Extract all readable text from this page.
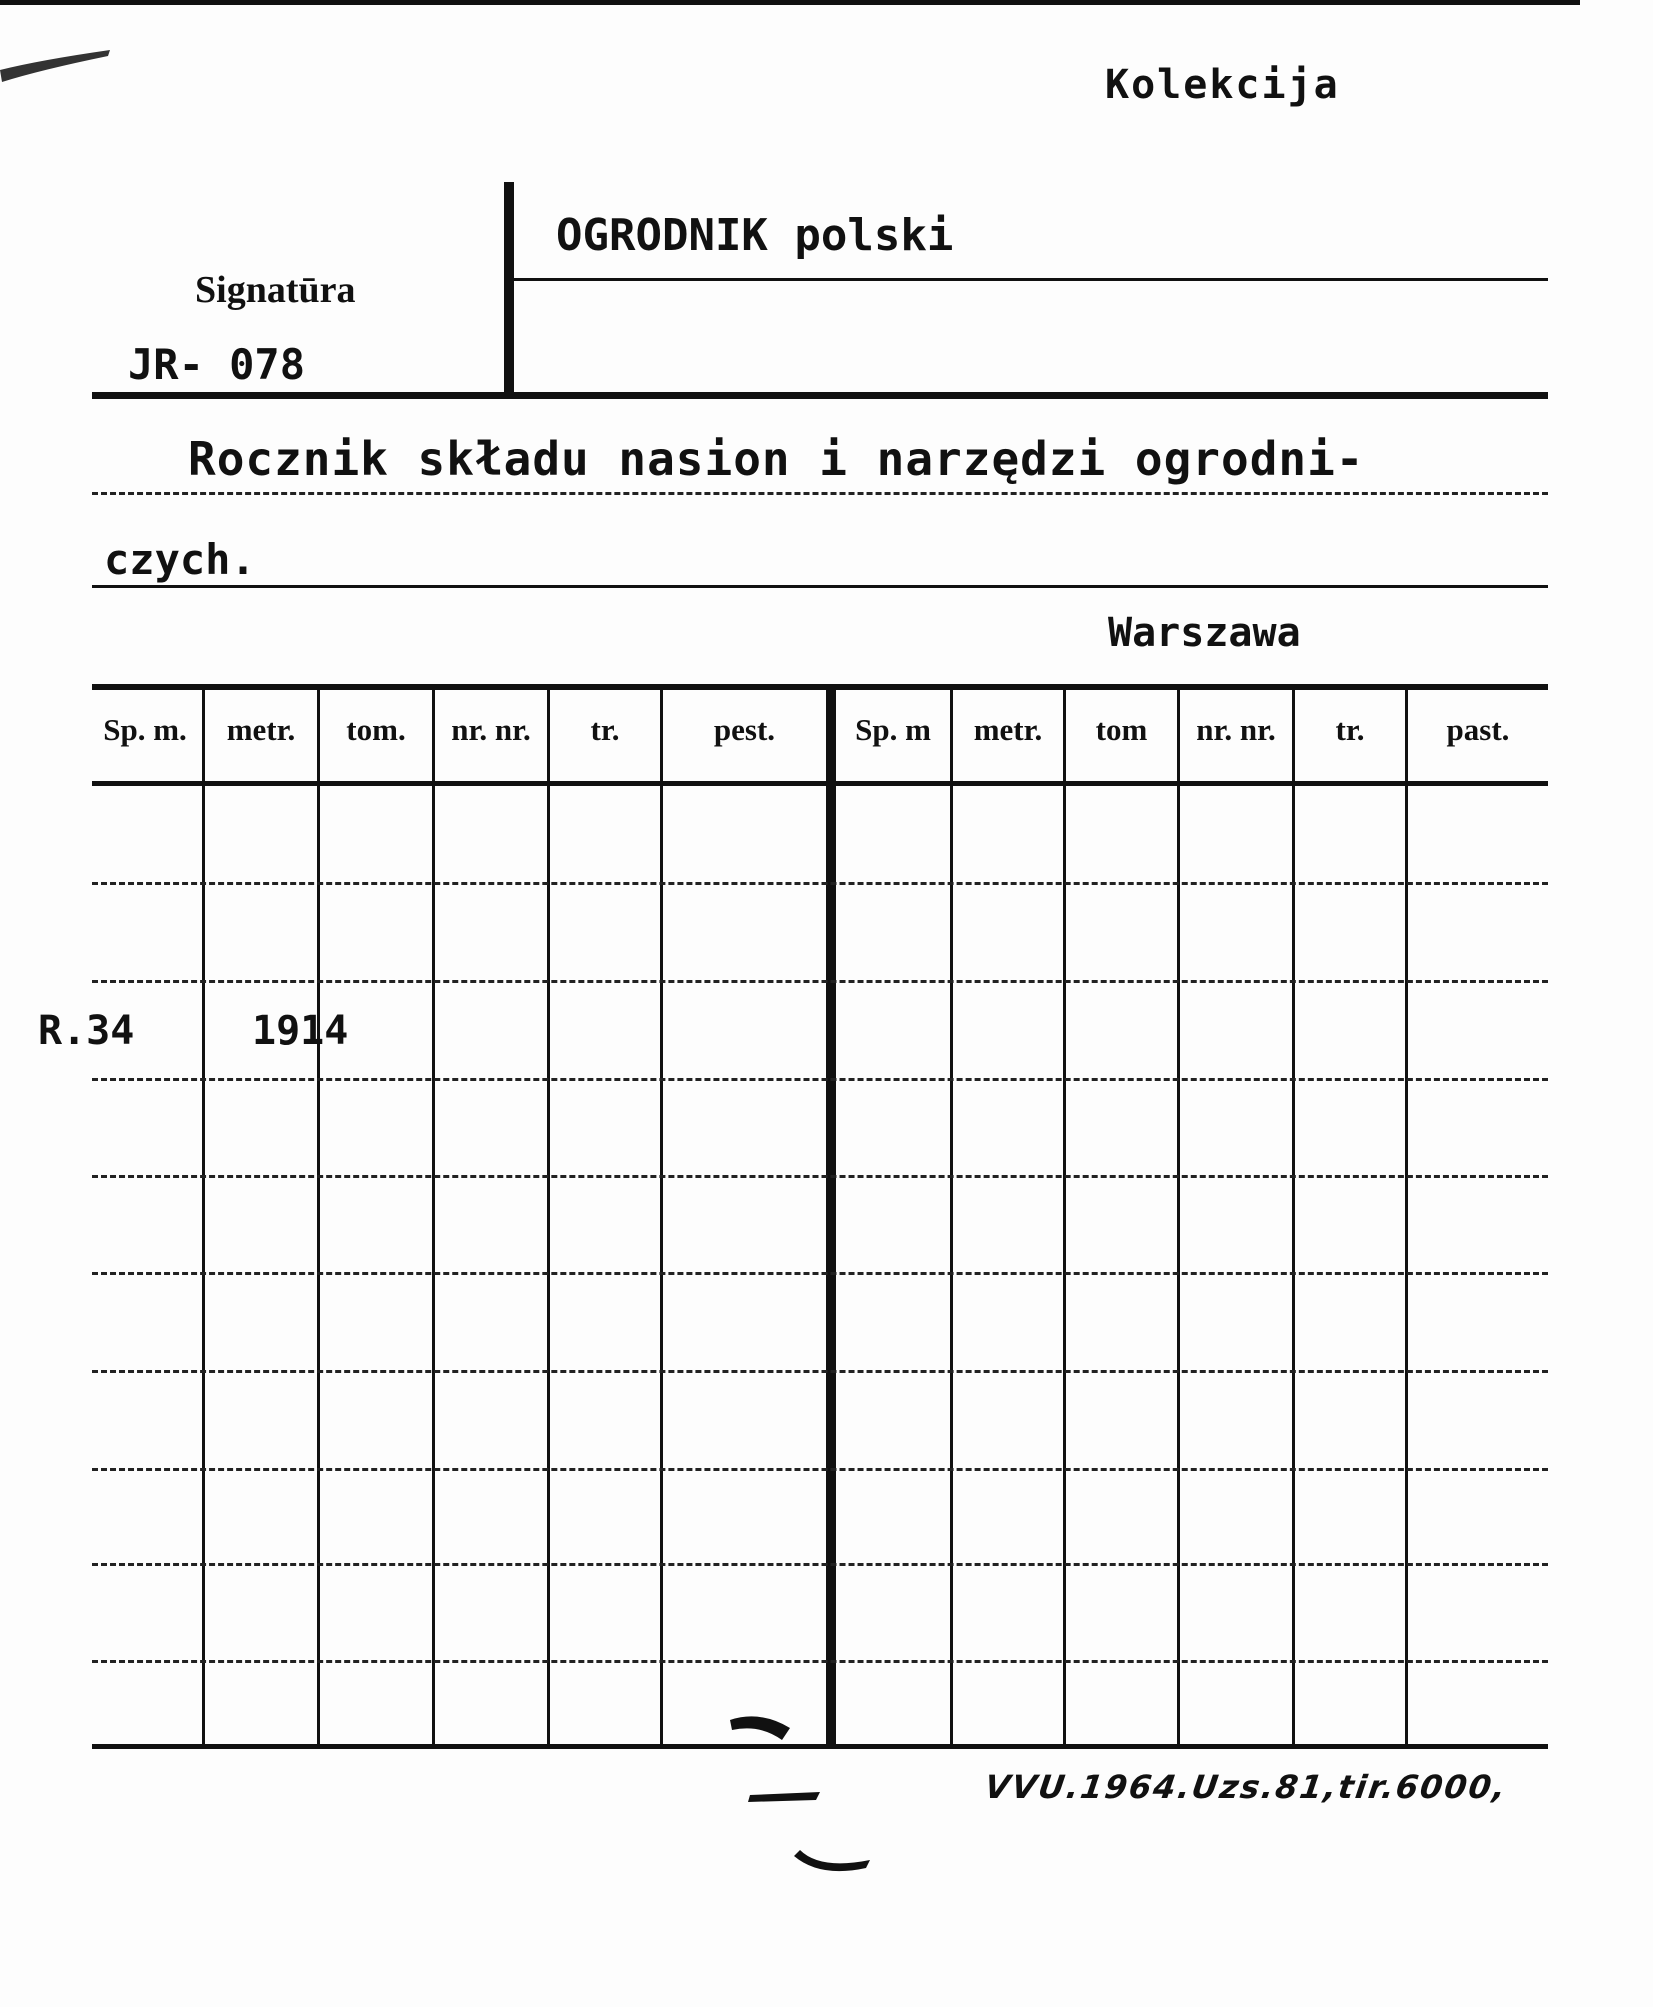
Kolekcija
Signatūra
JR- 078
OGRODNIK polski
Rocznik składu nasion i narzędzi ogrodni-
czych.
Warszawa
Sp. m.	metr.	tom.	nr. nr.	tr.	pest.	Sp. m	metr.	tom	nr. nr.	tr.	past.
R.34	1914
VVU.1964.Uzs.81,tir.6000,
